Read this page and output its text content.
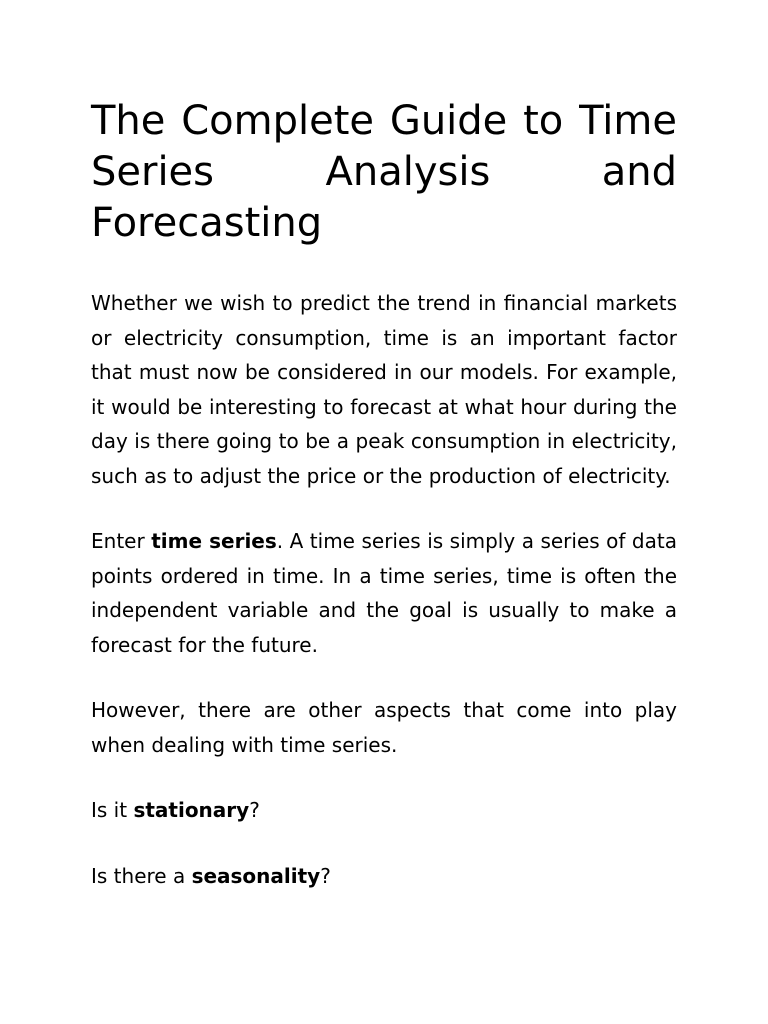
The Complete Guide to Time Series Analysis and Forecasting

Whether we wish to predict the trend in financial markets or electricity consumption, time is an important factor that must now be considered in our models. For example, it would be interesting to forecast at what hour during the day is there going to be a peak consumption in electricity, such as to adjust the price or the production of electricity.

Enter time series. A time series is simply a series of data points ordered in time. In a time series, time is often the independent variable and the goal is usually to make a forecast for the future.

However, there are other aspects that come into play when dealing with time series.

Is it stationary?

Is there a seasonality?
